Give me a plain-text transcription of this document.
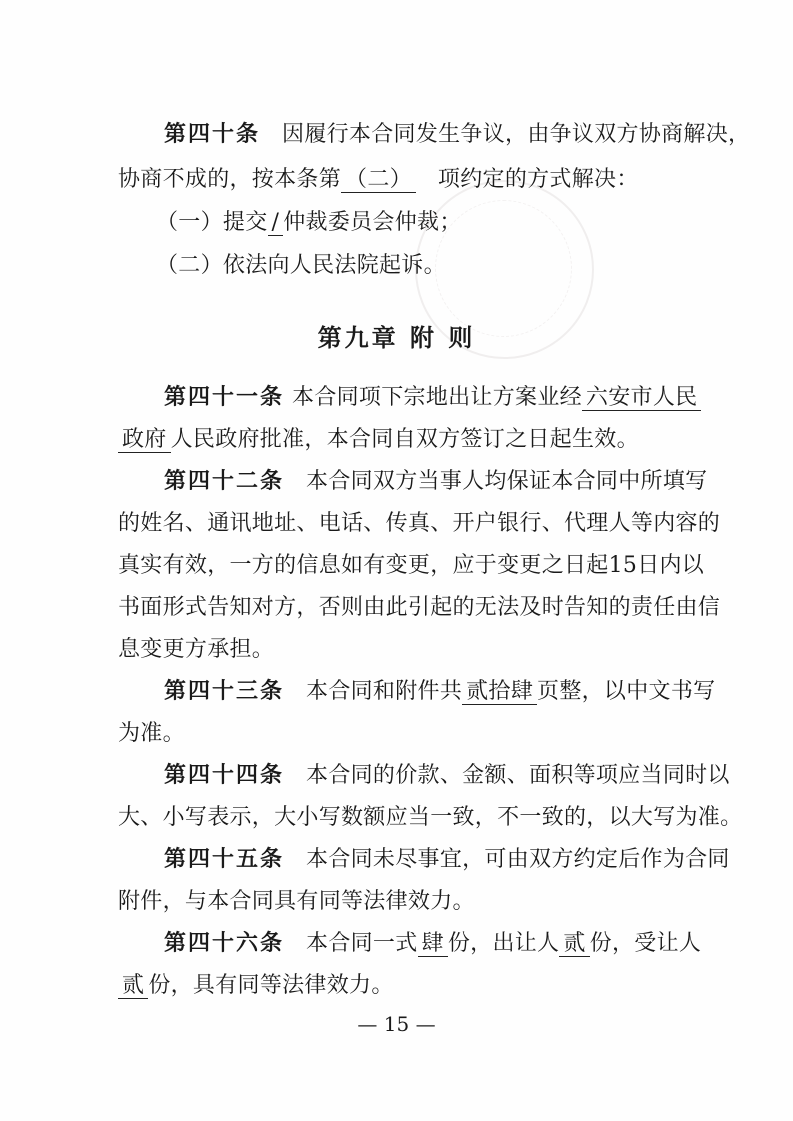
第四十条 因履行本合同发生争议，由争议双方协商解决，
协商不成的，按本条第 （二） 项约定的方式解决：
（一）提交 / 仲裁委员会仲裁；
（二）依法向人民法院起诉。
第九章 附 则
第四十一条 本合同项下宗地出让方案业经 六安市人民
政府 人民政府批准，本合同自双方签订之日起生效。
第四十二条 本合同双方当事人均保证本合同中所填写
的姓名、通讯地址、电话、传真、开户银行、代理人等内容的
真实有效，一方的信息如有变更，应于变更之日起15日内以
书面形式告知对方，否则由此引起的无法及时告知的责任由信
息变更方承担。
第四十三条 本合同和附件共 贰拾肆 页整，以中文书写
为准。
第四十四条 本合同的价款、金额、面积等项应当同时以
大、小写表示，大小写数额应当一致，不一致的，以大写为准。
第四十五条 本合同未尽事宜，可由双方约定后作为合同
附件，与本合同具有同等法律效力。
第四十六条 本合同一式 肆 份，出让人 贰 份，受让人
贰 份，具有同等法律效力。
— 15 —
